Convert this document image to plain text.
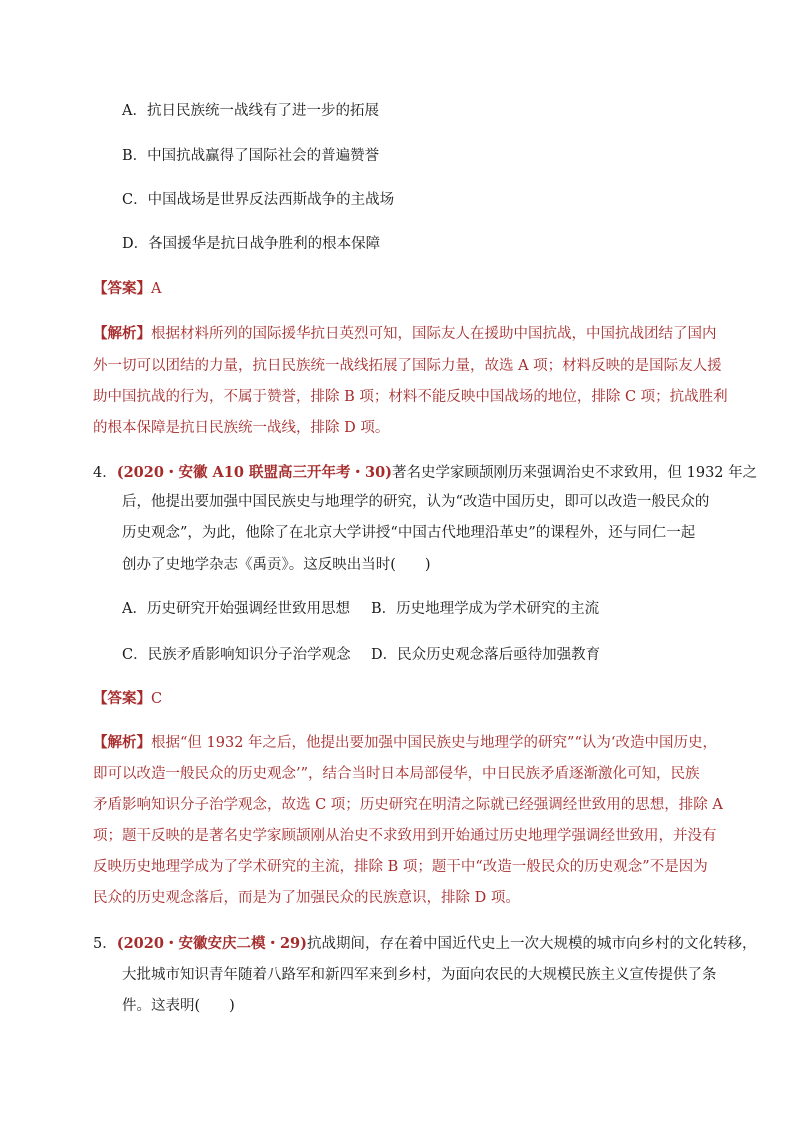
A．抗日民族统一战线有了进一步的拓展
B．中国抗战赢得了国际社会的普遍赞誉
C．中国战场是世界反法西斯战争的主战场
D．各国援华是抗日战争胜利的根本保障
【答案】A
【解析】根据材料所列的国际援华抗日英烈可知，国际友人在援助中国抗战，中国抗战团结了国内
外一切可以团结的力量，抗日民族统一战线拓展了国际力量，故选 A 项；材料反映的是国际友人援
助中国抗战的行为，不属于赞誉，排除 B 项；材料不能反映中国战场的地位，排除 C 项；抗战胜利
的根本保障是抗日民族统一战线，排除 D 项。
4．(2020・安徽 A10 联盟高三开年考・30)著名史学家顾颉刚历来强调治史不求致用，但 1932 年之
后，他提出要加强中国民族史与地理学的研究，认为“改造中国历史，即可以改造一般民众的
历史观念”，为此，他除了在北京大学讲授“中国古代地理沿革史”的课程外，还与同仁一起
创办了史地学杂志《禹贡》。这反映出当时(　　)
A．历史研究开始强调经世致用思想 B．历史地理学成为学术研究的主流
C．民族矛盾影响知识分子治学观念 D．民众历史观念落后亟待加强教育
【答案】C
【解析】根据“但 1932 年之后，他提出要加强中国民族史与地理学的研究”“认为‘改造中国历史，
即可以改造一般民众的历史观念’”，结合当时日本局部侵华，中日民族矛盾逐渐激化可知，民族
矛盾影响知识分子治学观念，故选 C 项；历史研究在明清之际就已经强调经世致用的思想，排除 A
项；题干反映的是著名史学家顾颉刚从治史不求致用到开始通过历史地理学强调经世致用，并没有
反映历史地理学成为了学术研究的主流，排除 B 项；题干中“改造一般民众的历史观念”不是因为
民众的历史观念落后，而是为了加强民众的民族意识，排除 D 项。
5．(2020・安徽安庆二模・29)抗战期间，存在着中国近代史上一次大规模的城市向乡村的文化转移，
大批城市知识青年随着八路军和新四军来到乡村，为面向农民的大规模民族主义宣传提供了条
件。这表明(　　)
